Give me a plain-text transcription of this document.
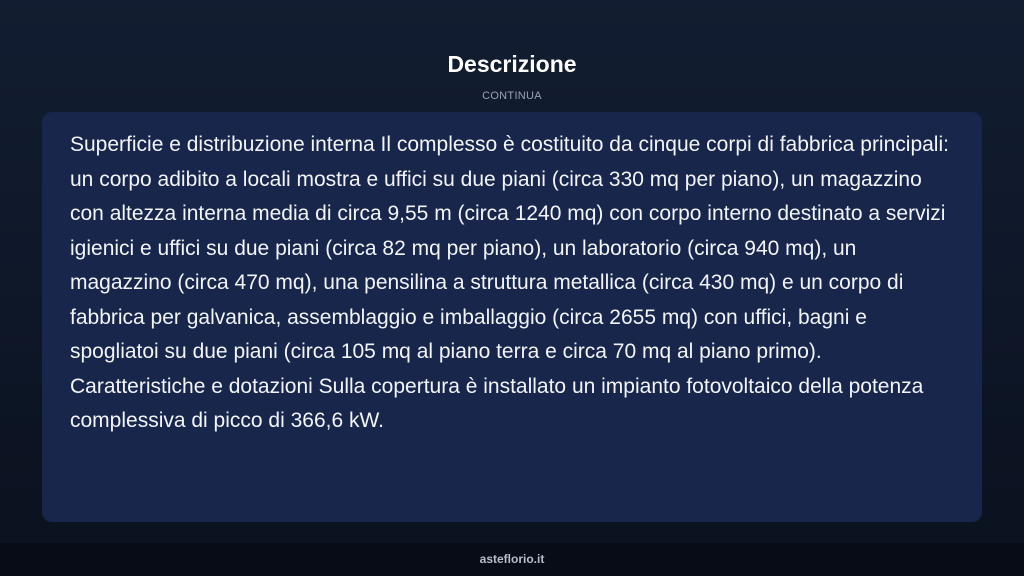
Descrizione
CONTINUA

Superficie e distribuzione interna Il complesso è costituito da cinque corpi di fabbrica principali: un corpo adibito a locali mostra e uffici su due piani (circa 330 mq per piano), un magazzino con altezza interna media di circa 9,55 m (circa 1240 mq) con corpo interno destinato a servizi igienici e uffici su due piani (circa 82 mq per piano), un laboratorio (circa 940 mq), un magazzino (circa 470 mq), una pensilina a struttura metallica (circa 430 mq) e un corpo di fabbrica per galvanica, assemblaggio e imballaggio (circa 2655 mq) con uffici, bagni e spogliatoi su due piani (circa 105 mq al piano terra e circa 70 mq al piano primo). Caratteristiche e dotazioni Sulla copertura è installato un impianto fotovoltaico della potenza complessiva di picco di 366,6 kW.

asteflorio.it
